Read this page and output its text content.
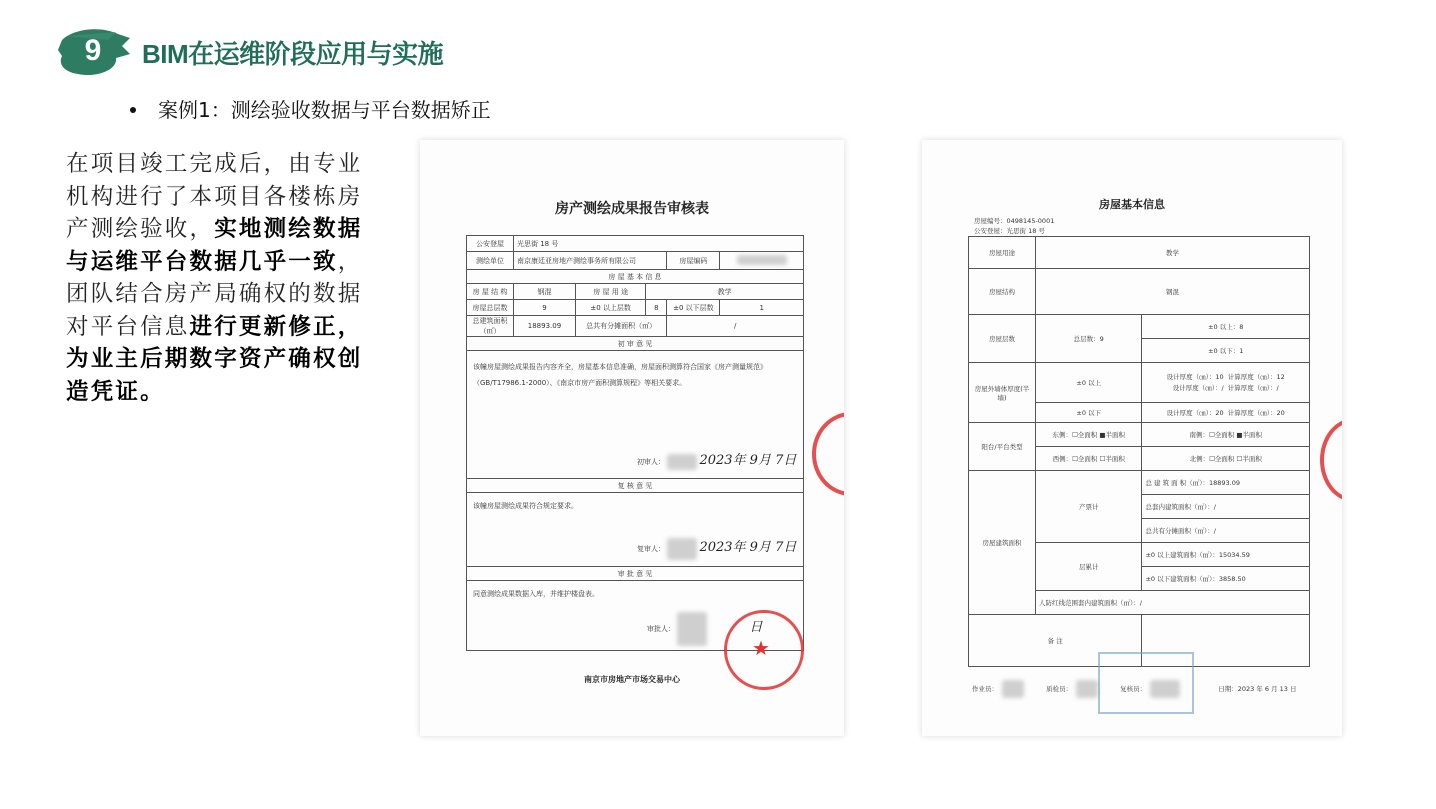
9 BIM在运维阶段应用与实施
案例1：测绘验收数据与平台数据矫正
在项目竣工完成后，由专业机构进行了本项目各楼栋房产测绘验收，实地测绘数据与运维平台数据几乎一致，团队结合房产局确权的数据对平台信息进行更新修正，为业主后期数字资产确权创造凭证。
房产测绘成果报告审核表
公安登屋	光思街 18 号				
测绘单位	南京康廷亚房地产测绘事务所有限公司			房屋编码	
房 屋 基 本 信 息					
房 屋 结 构	钢混	房 屋 用 途	教学		
房屋总层数	9	±0 以上层数	8	±0 以下层数	1
总建筑面积（㎡）	18893.09	总共有分摊面积（㎡）		/	
初 审 意 见					
该幢房屋测绘成果报告内容齐全，房屋基本信息准确，房屋面积测算符合国家《房产测量规范》（GB/T17986.1-2000）、《南京市房产面积测算规程》等相关要求。
初审人： 2023年 9月 7日					

复 核 意 见					
该幢房屋测绘成果符合规定要求。
复审人： 2023年 9月 7日					

审 批 意 见					
同意测绘成果数据入库，并维护楼盘表。
审批人： 日					
南京市房地产市场交易中心
★
房屋基本信息
房屋编号：0498145-0001
公安登屋：光思街 18 号
房屋用途	教学	
房屋结构	钢混	
房屋层数	总层数：9	±0 以上：8
		±0 以下：1
房屋外墙体厚度(半墙)	±0 以上	设计厚度（㎝）：10 计算厚度（㎝）：12
设计厚度（㎝）：/ 计算厚度（㎝）：/
	±0 以下	设计厚度（㎝）：20 计算厚度（㎝）：20
阳台/平台类型	东侧：☐全面积 ■半面积	南侧：☐全面积 ■半面积
	西侧：☐全面积 ☐半面积	北侧：☐全面积 ☐半面积
房屋建筑面积	产票计	总 建 筑 面 积（㎡）：18893.09
		总套内建筑面积（㎡）：/
		总共有分摊面积（㎡）：/
	层累计	±0 以上建筑面积（㎡）：15034.59
		±0 以下建筑面积（㎡）：3858.50
	人防红线范围套内建筑面积（㎡）：/	
备 注		
作业员：	质检员：	复核员：	日期：2023 年 6 月 13 日
